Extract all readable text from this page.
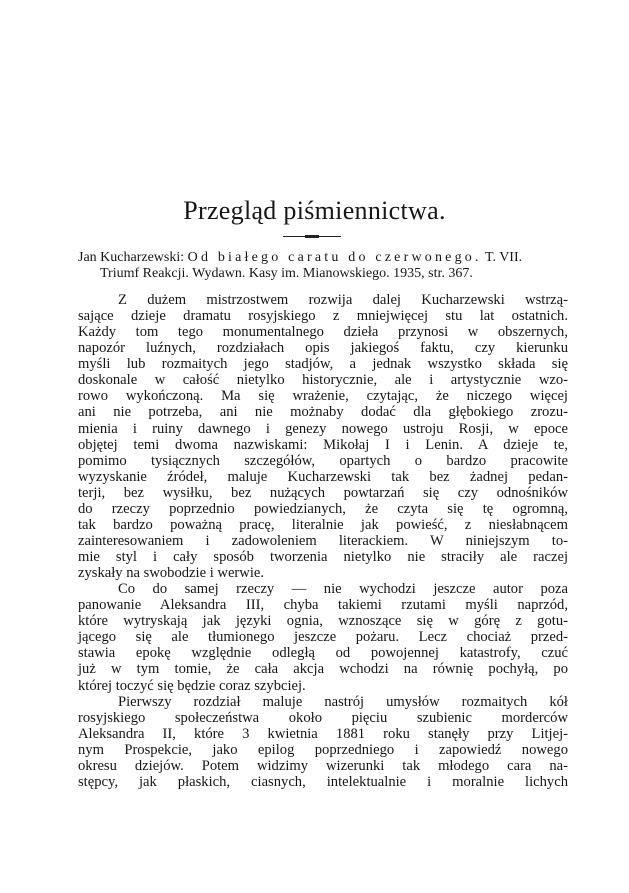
Przegląd piśmiennictwa.
Jan Kucharzewski: Od białego caratu do czerwonego. T. VII.
Triumf Reakcji. Wydawn. Kasy im. Mianowskiego. 1935, str. 367.
Z dużem mistrzostwem rozwija dalej Kucharzewski wstrzą-
sające dzieje dramatu rosyjskiego z mniejwięcej stu lat ostatnich.
Każdy tom tego monumentalnego dzieła przynosi w obszernych,
napozór luźnych, rozdziałach opis jakiegoś faktu, czy kierunku
myśli lub rozmaitych jego stadjów, a jednak wszystko składa się
doskonale w całość nietylko historycznie, ale i artystycznie wzo-
rowo wykończoną. Ma się wrażenie, czytając, że niczego więcej
ani nie potrzeba, ani nie możnaby dodać dla głębokiego zrozu-
mienia i ruiny dawnego i genezy nowego ustroju Rosji, w epoce
objętej temi dwoma nazwiskami: Mikołaj I i Lenin. A dzieje te,
pomimo tysiącznych szczegółów, opartych o bardzo pracowite
wyzyskanie źródeł, maluje Kucharzewski tak bez żadnej pedan-
terji, bez wysiłku, bez nużących powtarzań się czy odnośników
do rzeczy poprzednio powiedzianych, że czyta się tę ogromną,
tak bardzo poważną pracę, literalnie jak powieść, z niesłabnącem
zainteresowaniem i zadowoleniem literackiem. W niniejszym to-
mie styl i cały sposób tworzenia nietylko nie straciły ale raczej
zyskały na swobodzie i werwie.
Co do samej rzeczy — nie wychodzi jeszcze autor poza
panowanie Aleksandra III, chyba takiemi rzutami myśli naprzód,
które wytryskają jak języki ognia, wznoszące się w górę z gotu-
jącego się ale tłumionego jeszcze pożaru. Lecz chociaż przed-
stawia epokę względnie odległą od powojennej katastrofy, czuć
już w tym tomie, że cała akcja wchodzi na równię pochyłą, po
której toczyć się będzie coraz szybciej.
Pierwszy rozdział maluje nastrój umysłów rozmaitych kół
rosyjskiego społeczeństwa około pięciu szubienic morderców
Aleksandra II, które 3 kwietnia 1881 roku stanęły przy Litjej-
nym Prospekcie, jako epilog poprzedniego i zapowiedź nowego
okresu dziejów. Potem widzimy wizerunki tak młodego cara na-
stępcy, jak płaskich, ciasnych, intelektualnie i moralnie lichych
